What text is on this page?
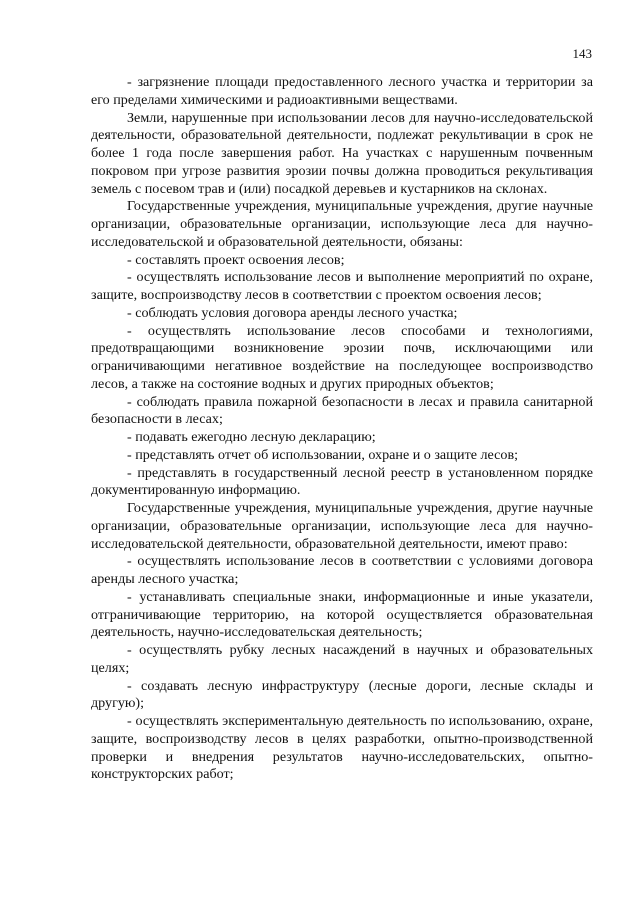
143

- загрязнение площади предоставленного лесного участка и территории за его пределами химическими и радиоактивными веществами.

Земли, нарушенные при использовании лесов для научно-исследовательской деятельности, образовательной деятельности, подлежат рекультивации в срок не более 1 года после завершения работ. На участках с нарушенным почвенным покровом при угрозе развития эрозии почвы должна проводиться рекультивация земель с посевом трав и (или) посадкой деревьев и кустарников на склонах.

Государственные учреждения, муниципальные учреждения, другие научные организации, образовательные организации, использующие леса для научно-исследовательской и образовательной деятельности, обязаны:

- составлять проект освоения лесов;

- осуществлять использование лесов и выполнение мероприятий по охране, защите, воспроизводству лесов в соответствии с проектом освоения лесов;

- соблюдать условия договора аренды лесного участка;

- осуществлять использование лесов способами и технологиями, предотвращающими возникновение эрозии почв, исключающими или ограничивающими негативное воздействие на последующее воспроизводство лесов, а также на состояние водных и других природных объектов;

- соблюдать правила пожарной безопасности в лесах и правила санитарной безопасности в лесах;

- подавать ежегодно лесную декларацию;

- представлять отчет об использовании, охране и о защите лесов;

- представлять в государственный лесной реестр в установленном порядке документированную информацию.

Государственные учреждения, муниципальные учреждения, другие научные организации, образовательные организации, использующие леса для научно-исследовательской деятельности, образовательной деятельности, имеют право:

- осуществлять использование лесов в соответствии с условиями договора аренды лесного участка;

- устанавливать специальные знаки, информационные и иные указатели, отграничивающие территорию, на которой осуществляется образовательная деятельность, научно-исследовательская деятельность;

- осуществлять рубку лесных насаждений в научных и образовательных целях;

- создавать лесную инфраструктуру (лесные дороги, лесные склады и другую);

- осуществлять экспериментальную деятельность по использованию, охране, защите, воспроизводству лесов в целях разработки, опытно-производственной проверки и внедрения результатов научно-исследовательских, опытно-конструкторских работ;
